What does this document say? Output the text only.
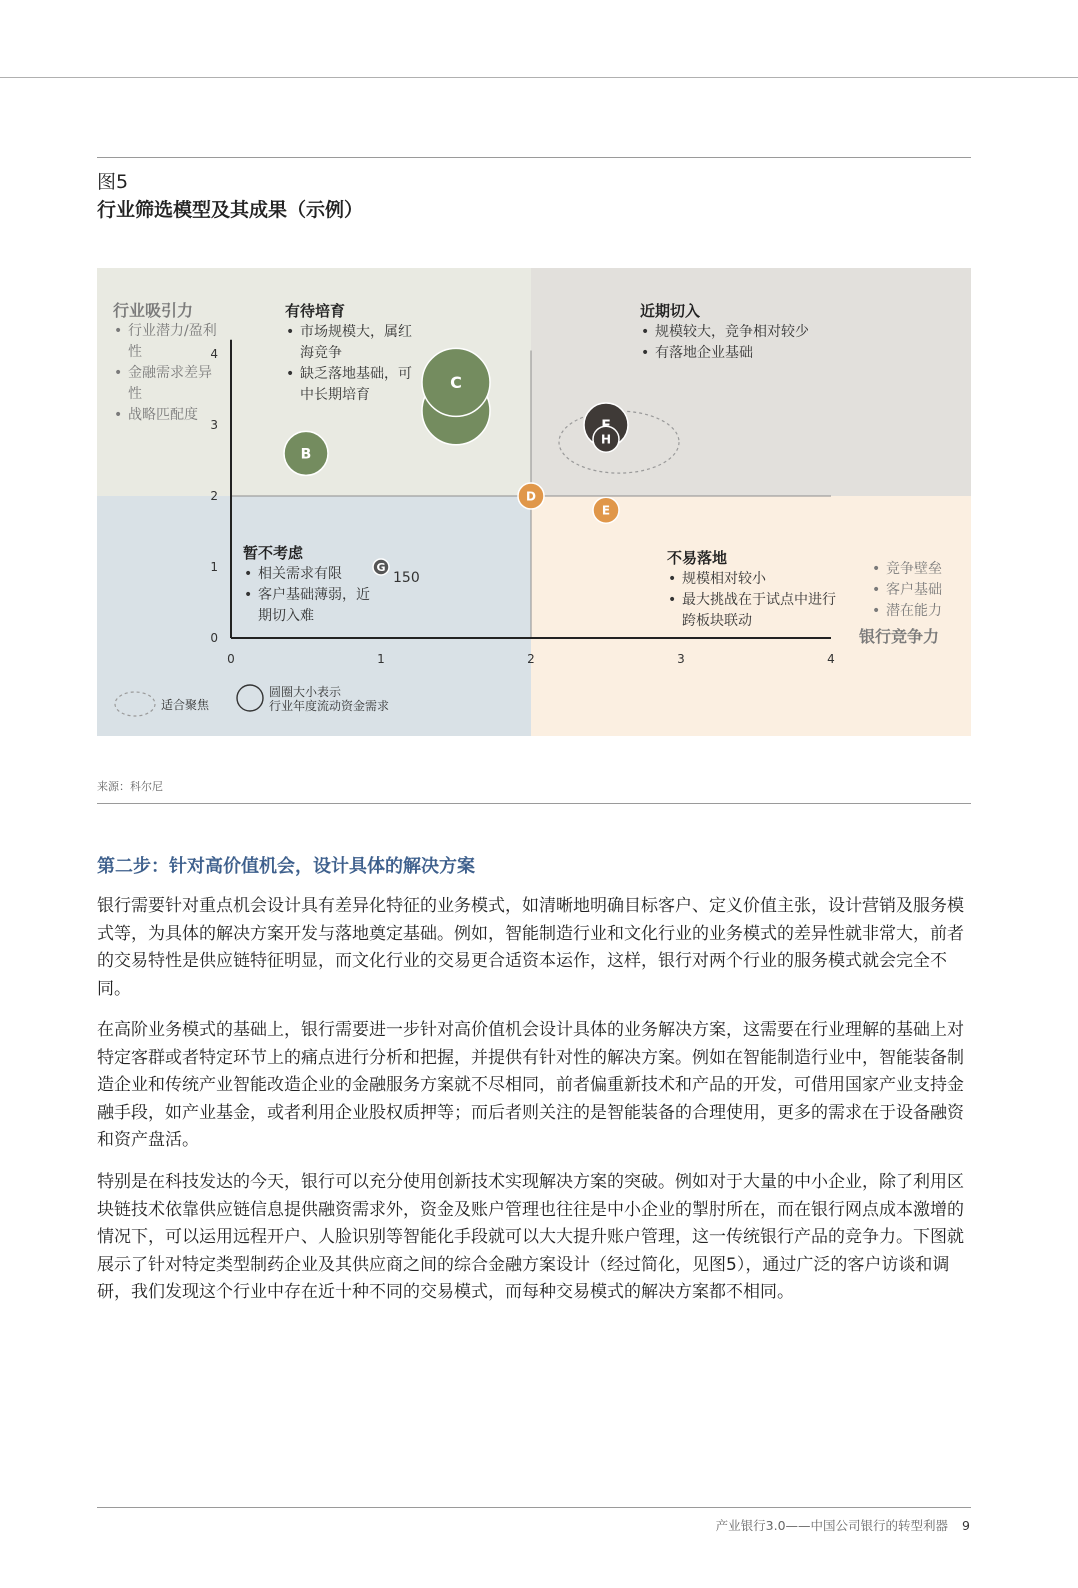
图5
行业筛选模型及其成果（示例）
0
1
2
3
4
0	1	2	3	4
C
B
H
D
E
G
150
行业吸引力
• 行业潜力/盈利性
• 金融需求差异性
• 战略匹配度
有待培育
• 市场规模大，属红海竞争
• 缺乏落地基础，可中长期培育
近期切入
• 规模较大，竞争相对较少
• 有落地企业基础
暂不考虑
• 相关需求有限
• 客户基础薄弱，近期切入难
不易落地
• 规模相对较小
• 最大挑战在于试点中进行跨板块联动
• 竞争壁垒
• 客户基础
• 潜在能力
银行竞争力
适合聚焦
圆圈大小表示
行业年度流动资金需求
来源：科尔尼
第二步：针对高价值机会，设计具体的解决方案

银行需要针对重点机会设计具有差异化特征的业务模式，如清晰地明确目标客户、定义价值主张，设计营销及服务模式等，为具体的解决方案开发与落地奠定基础。例如，智能制造行业和文化行业的业务模式的差异性就非常大，前者的交易特性是供应链特征明显，而文化行业的交易更合适资本运作，这样，银行对两个行业的服务模式就会完全不同。

在高阶业务模式的基础上，银行需要进一步针对高价值机会设计具体的业务解决方案，这需要在行业理解的基础上对特定客群或者特定环节上的痛点进行分析和把握，并提供有针对性的解决方案。例如在智能制造行业中，智能装备制造企业和传统产业智能改造企业的金融服务方案就不尽相同，前者偏重新技术和产品的开发，可借用国家产业支持金融手段，如产业基金，或者利用企业股权质押等；而后者则关注的是智能装备的合理使用，更多的需求在于设备融资和资产盘活。

特别是在科技发达的今天，银行可以充分使用创新技术实现解决方案的突破。例如对于大量的中小企业，除了利用区块链技术依靠供应链信息提供融资需求外，资金及账户管理也往往是中小企业的掣肘所在，而在银行网点成本激增的情况下，可以运用远程开户、人脸识别等智能化手段就可以大大提升账户管理，这一传统银行产品的竞争力。下图就展示了针对特定类型制药企业及其供应商之间的综合金融方案设计（经过简化，见图5），通过广泛的客户访谈和调研，我们发现这个行业中存在近十种不同的交易模式，而每种交易模式的解决方案都不相同。

产业银行3.0——中国公司银行的转型利器 9
